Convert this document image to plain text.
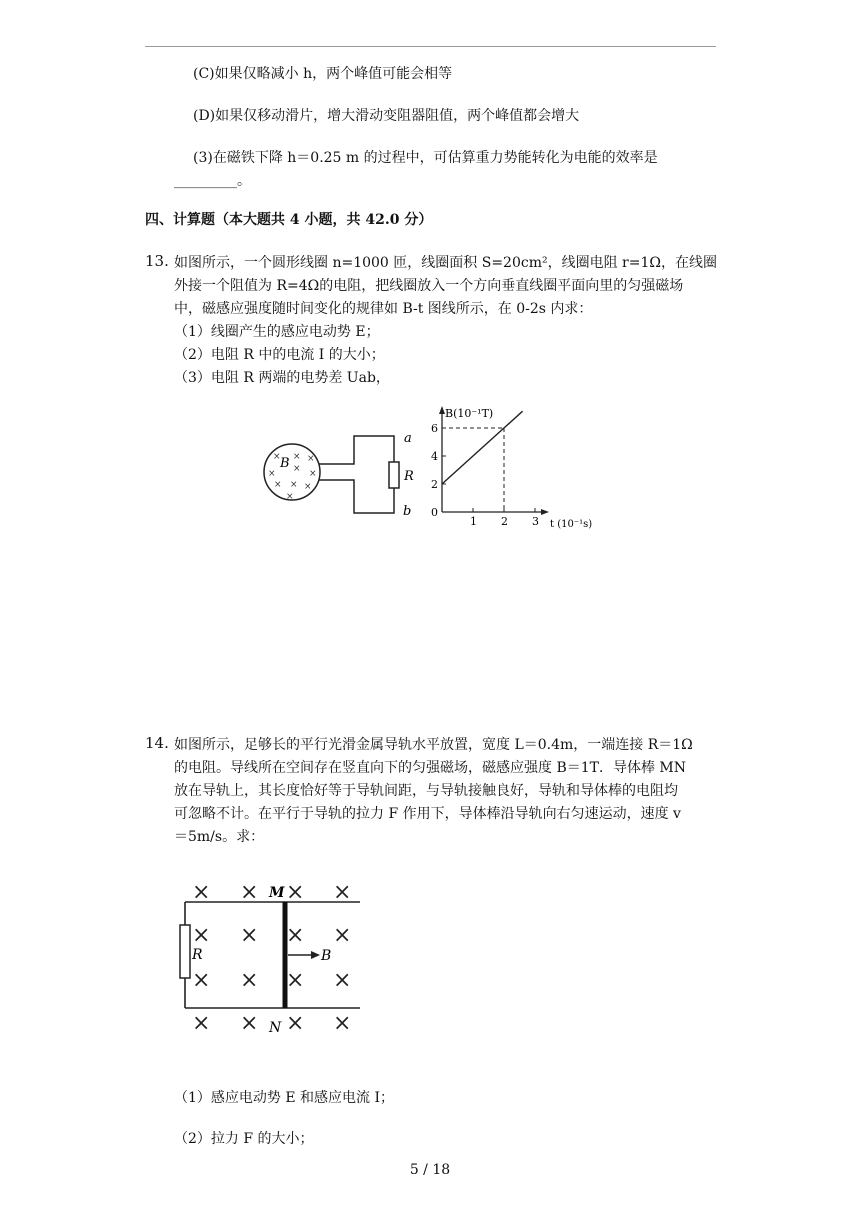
(C)如果仅略减小 h，两个峰值可能会相等
(D)如果仅移动滑片，增大滑动变阻器阻值，两个峰值都会增大
(3)在磁铁下降 h＝0.25 m 的过程中，可估算重力势能转化为电能的效率是
_________。
四、计算题（本大题共 4 小题，共 42.0 分）
13. 如图所示，一个圆形线圈 n=1000 匝，线圈面积 S=20cm²，线圈电阻 r=1Ω，在线圈
外接一个阻值为 R=4Ω的电阻，把线圈放入一个方向垂直线圈平面向里的匀强磁场
中，磁感应强度随时间变化的规律如 B-t 图线所示，在 0-2s 内求：
（1）线圈产生的感应电动势 E；
（2）电阻 R 中的电流 I 的大小；
（3）电阻 R 两端的电势差 Uab，
× × ×
×
×	×
× × ×
×
B
a
R
b
B(10⁻¹T)
t (10⁻¹s)
0
1 2 3
2
4
6
14. 如图所示，足够长的平行光滑金属导轨水平放置，宽度 L＝0.4m，一端连接 R＝1Ω
的电阻。导线所在空间存在竖直向下的匀强磁场，磁感应强度 B＝1T．导体棒 MN
放在导轨上，其长度恰好等于导轨间距，与导轨接触良好，导轨和导体棒的电阻均
可忽略不计。在平行于导轨的拉力 F 作用下，导体棒沿导轨向右匀速运动，速度 v
＝5m/s。求：
× × × ×
× × × ×
× × × ×
× × × ×
M
N
R	B
（1）感应电动势 E 和感应电流 I；
（2）拉力 F 的大小；
5 / 18
